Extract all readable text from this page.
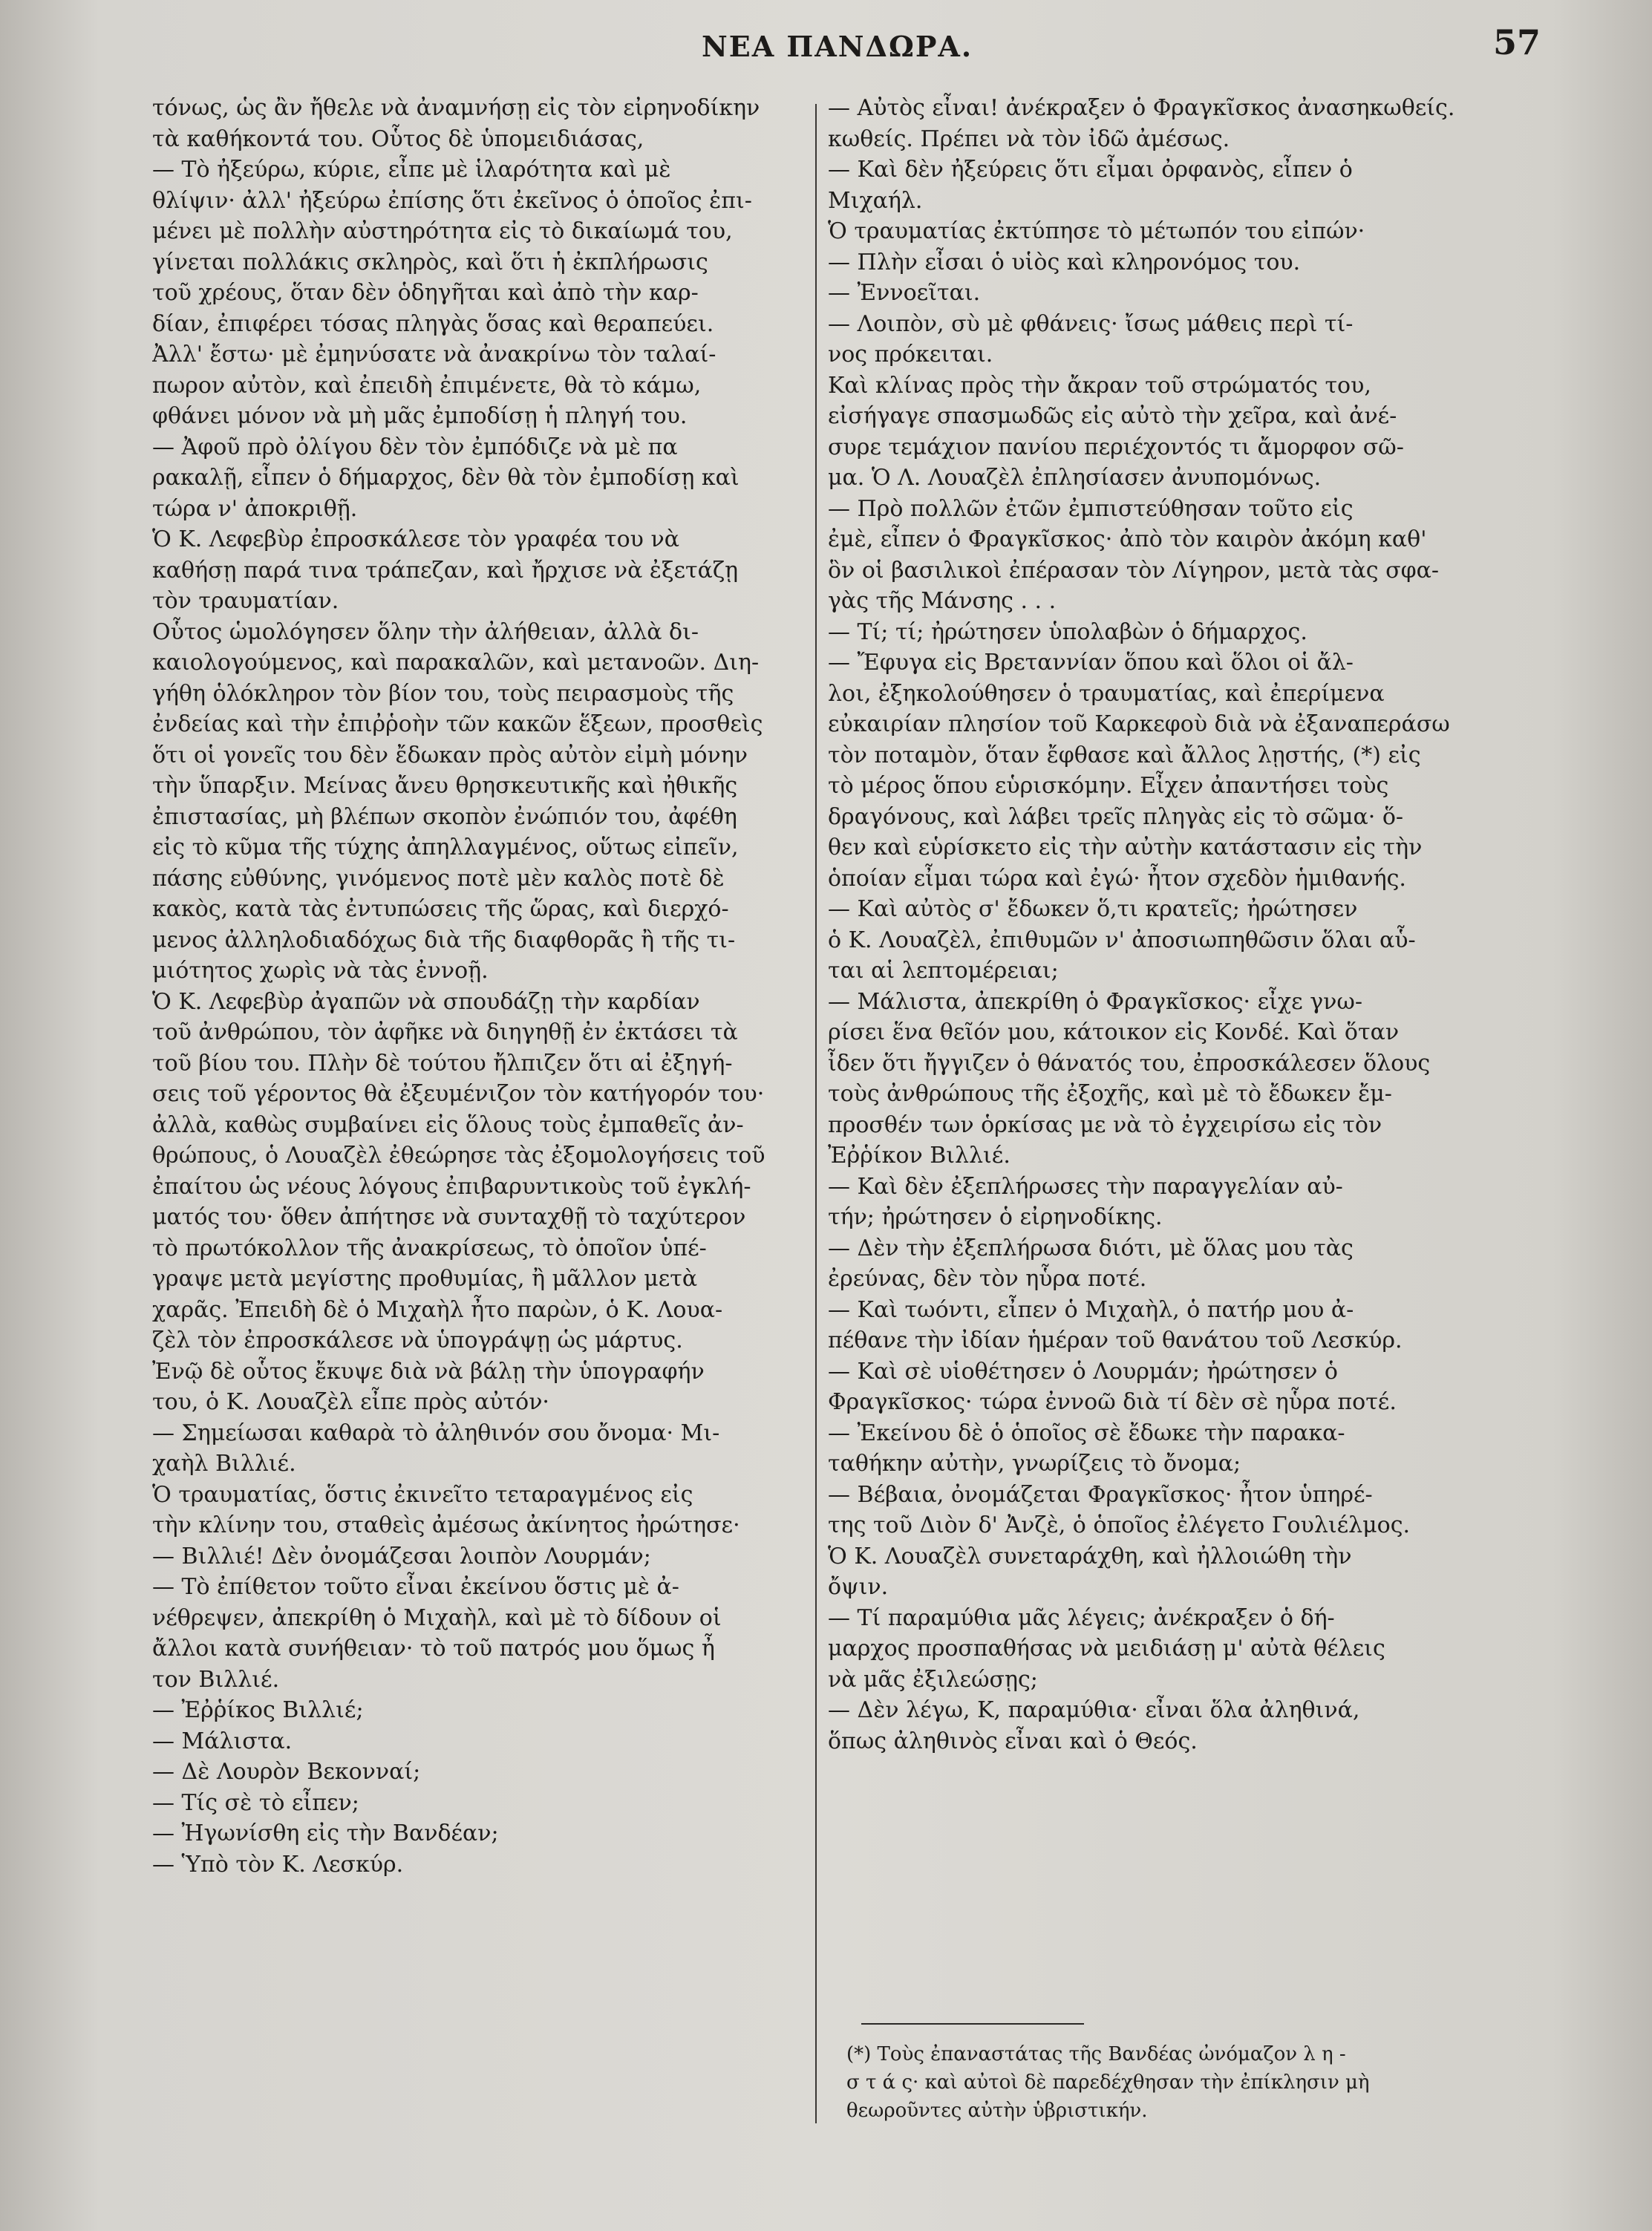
ΝΕΑ ΠΑΝΔΩΡΑ.	57
τόνως, ὡς ἂν ἤθελε νὰ ἀναμνήσῃ εἰς τὸν εἰρηνοδίκην
τὰ καθήκοντά του. Οὗτος δὲ ὑπομειδιάσας,
— Τὸ ἠξεύρω, κύριε, εἶπε μὲ ἱλαρότητα καὶ μὲ
θλίψιν· ἀλλ' ἠξεύρω ἐπίσης ὅτι ἐκεῖνος ὁ ὁποῖος ἐπι-
μένει μὲ πολλὴν αὐστηρότητα εἰς τὸ δικαίωμά του,
γίνεται πολλάκις σκληρὸς, καὶ ὅτι ἡ ἐκπλήρωσις
τοῦ χρέους, ὅταν δὲν ὁδηγῆται καὶ ἀπὸ τὴν καρ-
δίαν, ἐπιφέρει τόσας πληγὰς ὅσας καὶ θεραπεύει.
Ἀλλ' ἔστω· μὲ ἐμηνύσατε νὰ ἀνακρίνω τὸν ταλαί-
πωρον αὐτὸν, καὶ ἐπειδὴ ἐπιμένετε, θὰ τὸ κάμω,
φθάνει μόνον νὰ μὴ μᾶς ἐμποδίσῃ ἡ πληγή του.
— Ἀφοῦ πρὸ ὀλίγου δὲν τὸν ἐμπόδιζε νὰ μὲ πα
ρακαλῇ, εἶπεν ὁ δήμαρχος, δὲν θὰ τὸν ἐμποδίσῃ καὶ
τώρα ν' ἀποκριθῇ.
Ὁ Κ. Λεφεβὺρ ἐπροσκάλεσε τὸν γραφέα του νὰ
καθήσῃ παρά τινα τράπεζαν, καὶ ἤρχισε νὰ ἐξετάζῃ
τὸν τραυματίαν.
Οὗτος ὡμολόγησεν ὅλην τὴν ἀλήθειαν, ἀλλὰ δι-
καιολογούμενος, καὶ παρακαλῶν, καὶ μετανοῶν. Διη-
γήθη ὁλόκληρον τὸν βίον του, τοὺς πειρασμοὺς τῆς
ἐνδείας καὶ τὴν ἐπιῤῥοὴν τῶν κακῶν ἕξεων, προσθεὶς
ὅτι οἱ γονεῖς του δὲν ἔδωκαν πρὸς αὐτὸν εἰμὴ μόνην
τὴν ὕπαρξιν. Μείνας ἄνευ θρησκευτικῆς καὶ ἠθικῆς
ἐπιστασίας, μὴ βλέπων σκοπὸν ἐνώπιόν του, ἀφέθη
εἰς τὸ κῦμα τῆς τύχης ἀπηλλαγμένος, οὕτως εἰπεῖν,
πάσης εὐθύνης, γινόμενος ποτὲ μὲν καλὸς ποτὲ δὲ
κακὸς, κατὰ τὰς ἐντυπώσεις τῆς ὥρας, καὶ διερχό-
μενος ἀλληλοδιαδόχως διὰ τῆς διαφθορᾶς ἢ τῆς τι-
μιότητος χωρὶς νὰ τὰς ἐννοῇ.
Ὁ Κ. Λεφεβὺρ ἀγαπῶν νὰ σπουδάζῃ τὴν καρδίαν
τοῦ ἀνθρώπου, τὸν ἀφῆκε νὰ διηγηθῇ ἐν ἐκτάσει τὰ
τοῦ βίου του. Πλὴν δὲ τούτου ἤλπιζεν ὅτι αἱ ἐξηγή-
σεις τοῦ γέροντος θὰ ἐξευμένιζον τὸν κατήγορόν του·
ἀλλὰ, καθὼς συμβαίνει εἰς ὅλους τοὺς ἐμπαθεῖς ἀν-
θρώπους, ὁ Λουαζὲλ ἐθεώρησε τὰς ἐξομολογήσεις τοῦ
ἐπαίτου ὡς νέους λόγους ἐπιβαρυντικοὺς τοῦ ἐγκλή-
ματός του· ὅθεν ἀπήτησε νὰ συνταχθῇ τὸ ταχύτερον
τὸ πρωτόκολλον τῆς ἀνακρίσεως, τὸ ὁποῖον ὑπέ-
γραψε μετὰ μεγίστης προθυμίας, ἢ μᾶλλον μετὰ
χαρᾶς. Ἐπειδὴ δὲ ὁ Μιχαὴλ ἦτο παρὼν, ὁ Κ. Λουα-
ζὲλ τὸν ἐπροσκάλεσε νὰ ὑπογράψῃ ὡς μάρτυς.
Ἐνῷ δὲ οὗτος ἔκυψε διὰ νὰ βάλῃ τὴν ὑπογραφήν
του, ὁ Κ. Λουαζὲλ εἶπε πρὸς αὐτόν·
— Σημείωσαι καθαρὰ τὸ ἀληθινόν σου ὄνομα· Μι-
χαὴλ Βιλλιέ.
Ὁ τραυματίας, ὅστις ἐκινεῖτο τεταραγμένος εἰς
τὴν κλίνην του, σταθεὶς ἀμέσως ἀκίνητος ἠρώτησε·
— Βιλλιέ! Δὲν ὀνομάζεσαι λοιπὸν Λουρμάν;
— Τὸ ἐπίθετον τοῦτο εἶναι ἐκείνου ὅστις μὲ ἀ-
νέθρεψεν, ἀπεκρίθη ὁ Μιχαὴλ, καὶ μὲ τὸ δίδουν οἱ
ἄλλοι κατὰ συνήθειαν· τὸ τοῦ πατρός μου ὅμως ἦ
τον Βιλλιέ.
— Ἐῤῥίκος Βιλλιέ;
— Μάλιστα.
— Δὲ Λουρὸν Βεκονναί;
— Τίς σὲ τὸ εἶπεν;
— Ἠγωνίσθη εἰς τὴν Βανδέαν;
— Ὑπὸ τὸν Κ. Λεσκύρ.
— Αὐτὸς εἶναι! ἀνέκραξεν ὁ Φραγκῖσκος ἀνασηκωθείς.
κωθείς. Πρέπει νὰ τὸν ἰδῶ ἀμέσως.
— Καὶ δὲν ἠξεύρεις ὅτι εἶμαι ὀρφανὸς, εἶπεν ὁ
Μιχαήλ.
Ὁ τραυματίας ἐκτύπησε τὸ μέτωπόν του εἰπών·
— Πλὴν εἶσαι ὁ υἱὸς καὶ κληρονόμος του.
— Ἐννοεῖται.
— Λοιπὸν, σὺ μὲ φθάνεις· ἴσως μάθεις περὶ τί-
νος πρόκειται.
Καὶ κλίνας πρὸς τὴν ἄκραν τοῦ στρώματός του,
εἰσήγαγε σπασμωδῶς εἰς αὐτὸ τὴν χεῖρα, καὶ ἀνέ-
συρε τεμάχιον πανίου περιέχοντός τι ἄμορφον σῶ-
μα. Ὁ Λ. Λουαζὲλ ἐπλησίασεν ἀνυπομόνως.
— Πρὸ πολλῶν ἐτῶν ἐμπιστεύθησαν τοῦτο εἰς
ἐμὲ, εἶπεν ὁ Φραγκῖσκος· ἀπὸ τὸν καιρὸν ἀκόμη καθ'
ὃν οἱ βασιλικοὶ ἐπέρασαν τὸν Λίγηρον, μετὰ τὰς σφα-
γὰς τῆς Μάνσης . . .
— Τί; τί; ἠρώτησεν ὑπολαβὼν ὁ δήμαρχος.
— Ἔφυγα εἰς Βρεταννίαν ὅπου καὶ ὅλοι οἱ ἄλ-
λοι, ἐξηκολούθησεν ὁ τραυματίας, καὶ ἐπερίμενα
εὐκαιρίαν πλησίον τοῦ Καρκεφοὺ διὰ νὰ ἐξαναπεράσω
τὸν ποταμὸν, ὅταν ἔφθασε καὶ ἄλλος λῃστής, (*) εἰς
τὸ μέρος ὅπου εὑρισκόμην. Εἶχεν ἀπαντήσει τοὺς
δραγόνους, καὶ λάβει τρεῖς πληγὰς εἰς τὸ σῶμα· ὅ-
θεν καὶ εὑρίσκετο εἰς τὴν αὐτὴν κατάστασιν εἰς τὴν
ὁποίαν εἶμαι τώρα καὶ ἐγώ· ἦτον σχεδὸν ἡμιθανής.
— Καὶ αὐτὸς σ' ἔδωκεν ὅ,τι κρατεῖς; ἠρώτησεν
ὁ Κ. Λουαζὲλ, ἐπιθυμῶν ν' ἀποσιωπηθῶσιν ὅλαι αὗ-
ται αἱ λεπτομέρειαι;
— Μάλιστα, ἀπεκρίθη ὁ Φραγκῖσκος· εἶχε γνω-
ρίσει ἕνα θεῖόν μου, κάτοικον εἰς Κονδέ. Καὶ ὅταν
ἶδεν ὅτι ἤγγιζεν ὁ θάνατός του, ἐπροσκάλεσεν ὅλους
τοὺς ἀνθρώπους τῆς ἐξοχῆς, καὶ μὲ τὸ ἔδωκεν ἔμ-
προσθέν των ὁρκίσας με νὰ τὸ ἐγχειρίσω εἰς τὸν
Ἐῤῥίκον Βιλλιέ.
— Καὶ δὲν ἐξεπλήρωσες τὴν παραγγελίαν αὐ-
τήν; ἠρώτησεν ὁ εἰρηνοδίκης.
— Δὲν τὴν ἐξεπλήρωσα διότι, μὲ ὅλας μου τὰς
ἐρεύνας, δὲν τὸν ηὗρα ποτέ.
— Καὶ τωόντι, εἶπεν ὁ Μιχαὴλ, ὁ πατήρ μου ἀ-
πέθανε τὴν ἰδίαν ἡμέραν τοῦ θανάτου τοῦ Λεσκύρ.
— Καὶ σὲ υἱοθέτησεν ὁ Λουρμάν; ἠρώτησεν ὁ
Φραγκῖσκος· τώρα ἐννοῶ διὰ τί δὲν σὲ ηὗρα ποτέ.
— Ἐκείνου δὲ ὁ ὁποῖος σὲ ἔδωκε τὴν παρακα-
ταθήκην αὐτὴν, γνωρίζεις τὸ ὄνομα;
— Βέβαια, ὀνομάζεται Φραγκῖσκος· ἦτον ὑπηρέ-
της τοῦ Διὸν δ' Ἀνζὲ, ὁ ὁποῖος ἐλέγετο Γουλιέλμος.
Ὁ Κ. Λουαζὲλ συνεταράχθη, καὶ ἠλλοιώθη τὴν
ὄψιν.
— Τί παραμύθια μᾶς λέγεις; ἀνέκραξεν ὁ δή-
μαρχος προσπαθήσας νὰ μειδιάσῃ μ' αὐτὰ θέλεις
νὰ μᾶς ἐξιλεώσῃς;
— Δὲν λέγω, Κ, παραμύθια· εἶναι ὅλα ἀληθινά,
ὅπως ἀληθινὸς εἶναι καὶ ὁ Θεός.
(*) Τοὺς ἐπαναστάτας τῆς Βανδέας ὠνόμαζον λ η -
σ τ ά ς· καὶ αὐτοὶ δὲ παρεδέχθησαν τὴν ἐπίκλησιν μὴ
θεωροῦντες αὐτὴν ὑβριστικήν.
